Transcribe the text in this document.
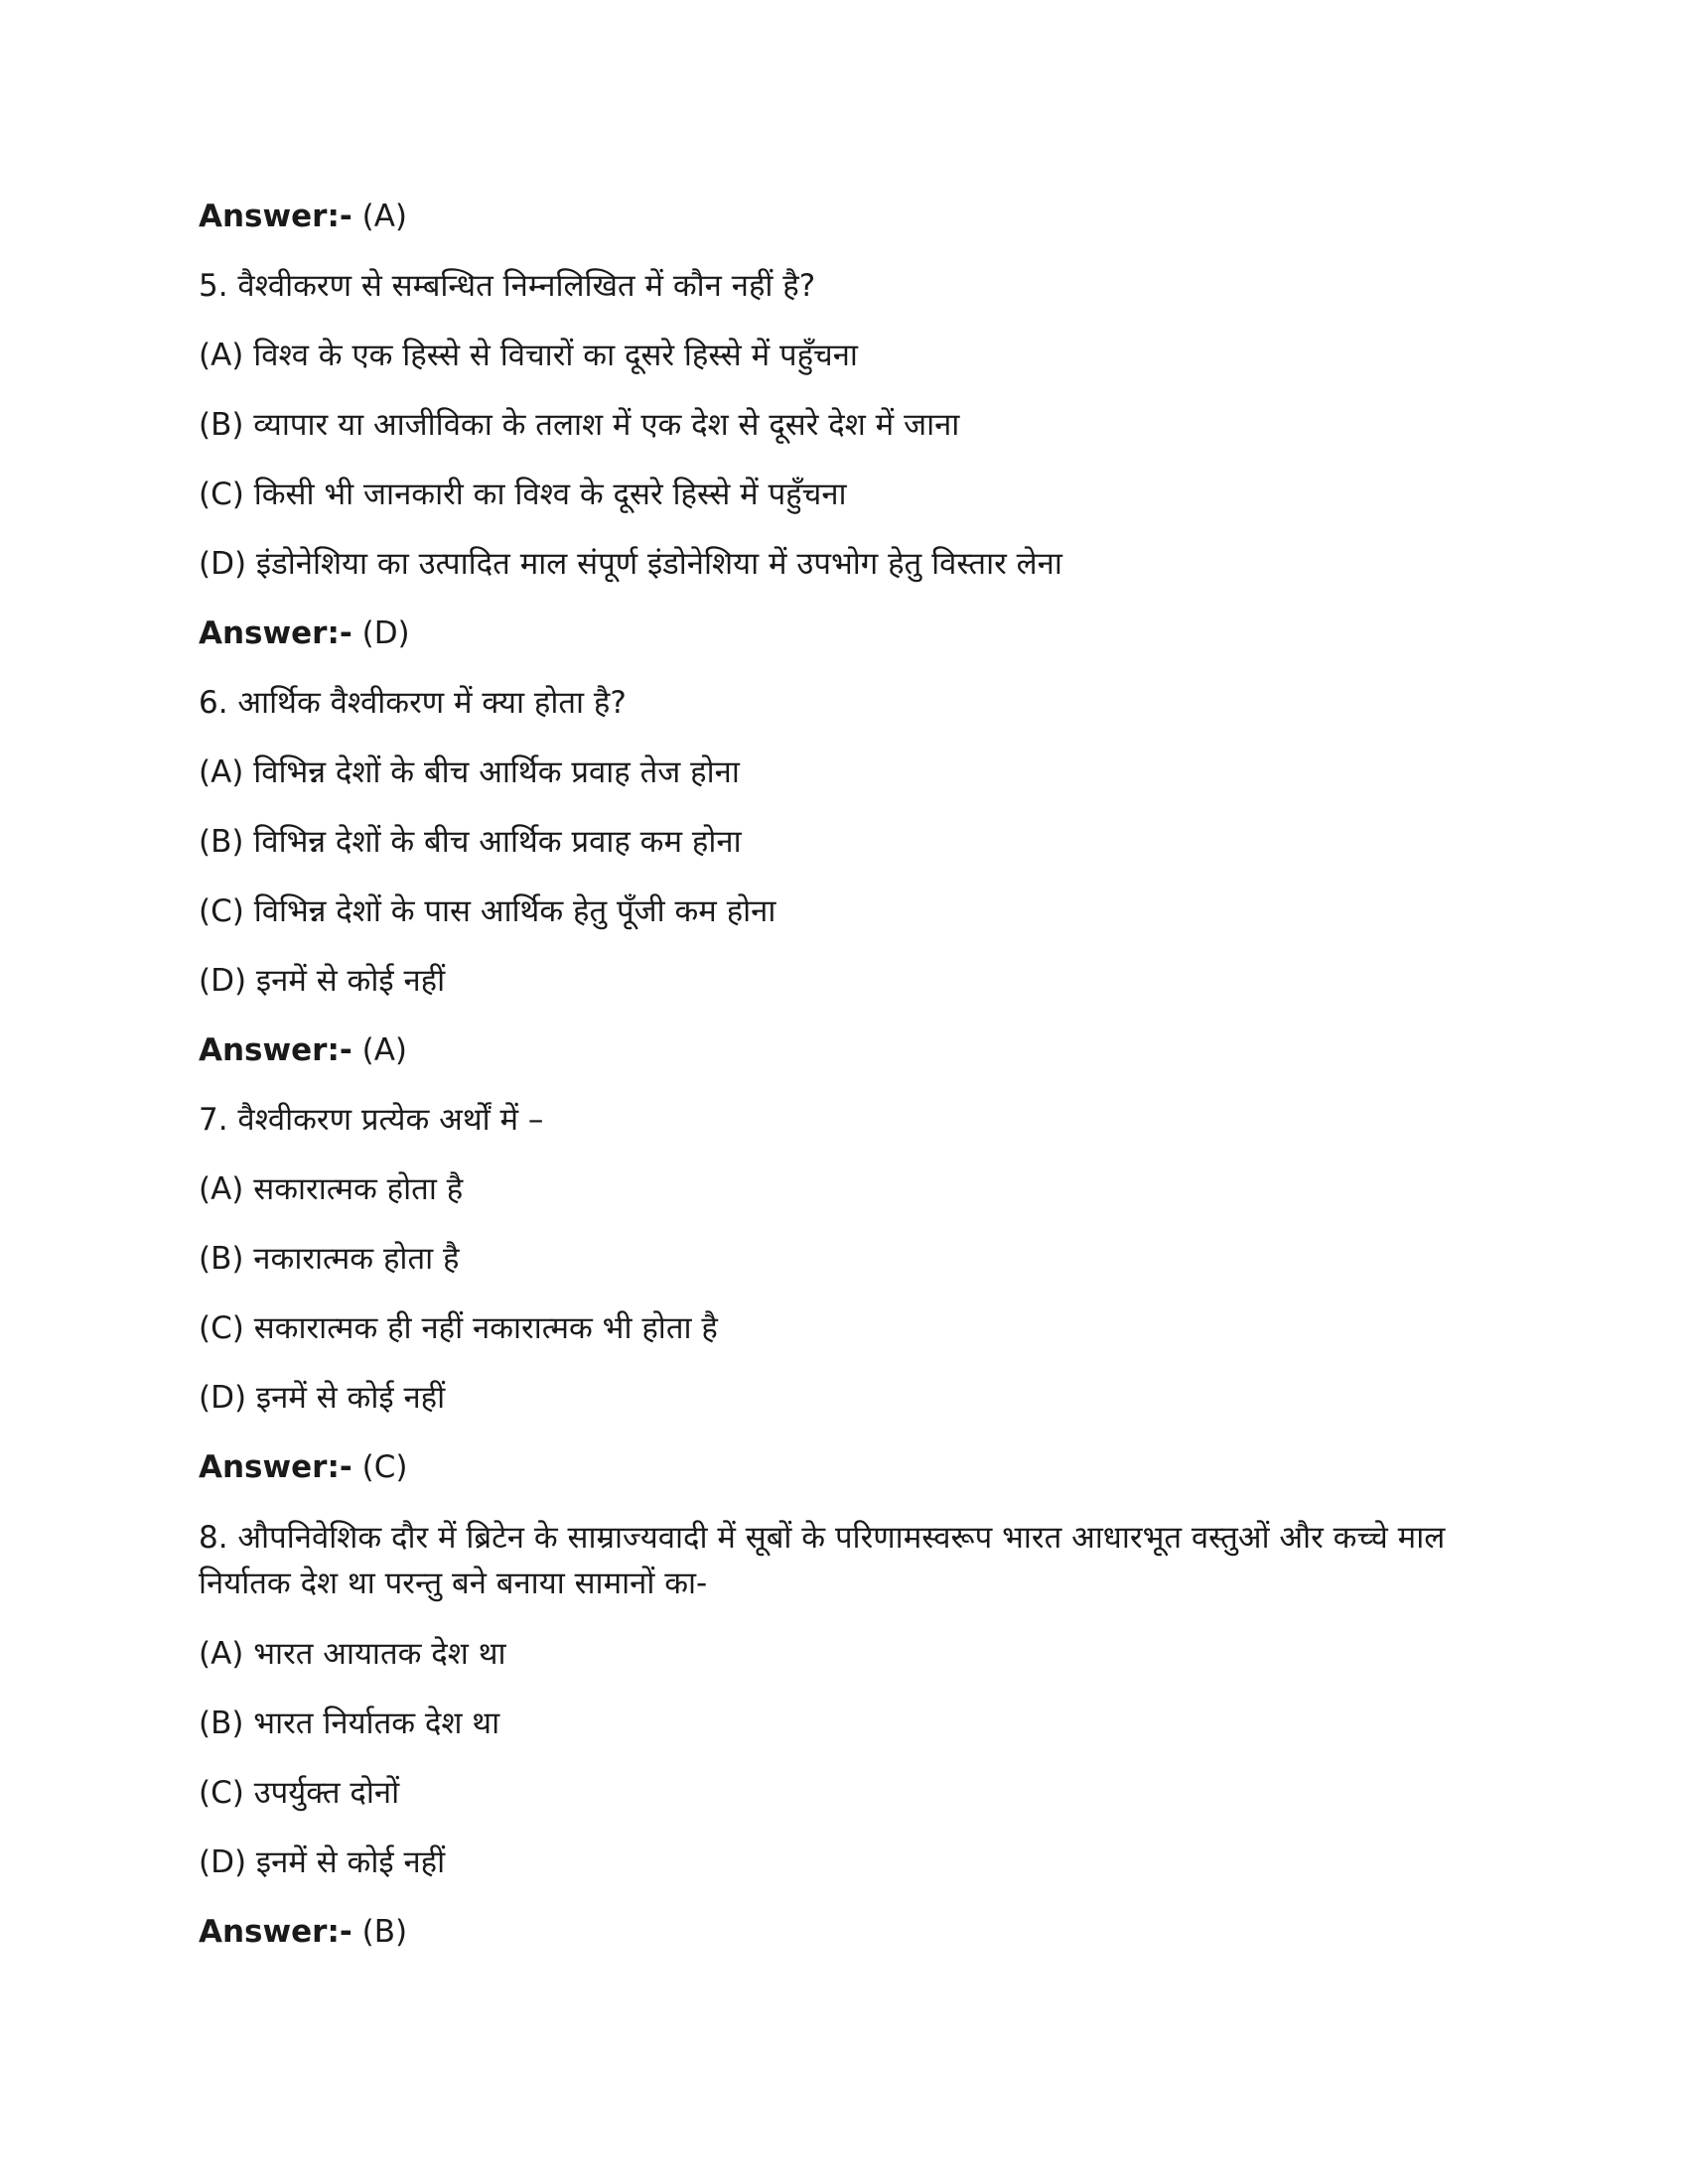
Answer:- (A)

5. वैश्वीकरण से सम्बन्धित निम्नलिखित में कौन नहीं है?

(A) विश्व के एक हिस्से से विचारों का दूसरे हिस्से में पहुँचना

(B) व्यापार या आजीविका के तलाश में एक देश से दूसरे देश में जाना

(C) किसी भी जानकारी का विश्व के दूसरे हिस्से में पहुँचना

(D) इंडोनेशिया का उत्पादित माल संपूर्ण इंडोनेशिया में उपभोग हेतु विस्तार लेना

Answer:- (D)

6. आर्थिक वैश्वीकरण में क्या होता है?

(A) विभिन्न देशों के बीच आर्थिक प्रवाह तेज होना

(B) विभिन्न देशों के बीच आर्थिक प्रवाह कम होना

(C) विभिन्न देशों के पास आर्थिक हेतु पूँजी कम होना

(D) इनमें से कोई नहीं

Answer:- (A)

7. वैश्वीकरण प्रत्येक अर्थों में –

(A) सकारात्मक होता है

(B) नकारात्मक होता है

(C) सकारात्मक ही नहीं नकारात्मक भी होता है

(D) इनमें से कोई नहीं

Answer:- (C)

8. औपनिवेशिक दौर में ब्रिटेन के साम्राज्यवादी में सूबों के परिणामस्वरूप भारत आधारभूत वस्तुओं और कच्चे माल निर्यातक देश था परन्तु बने बनाया सामानों का-

(A) भारत आयातक देश था

(B) भारत निर्यातक देश था

(C) उपर्युक्त दोनों

(D) इनमें से कोई नहीं

Answer:- (B)
